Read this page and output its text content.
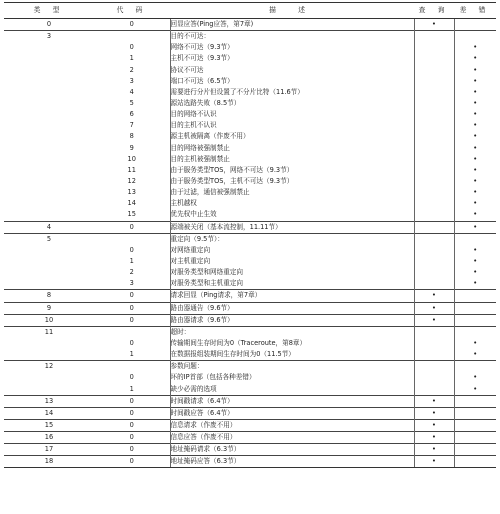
类 型	代 码	描 述	查 询	差 错
0	0	回显应答(Ping应答，第7章)	•	
3		目的不可达：		
	0	网络不可达（9.3节）		•
	1	主机不可达（9.3节）		•
	2	协议不可达		•
	3	端口不可达（6.5节）		•
	4	需要进行分片但设置了不分片比特（11.6节）		•
	5	源站选路失败（8.5节）		•
	6	目的网络不认识		•
	7	目的主机不认识		•
	8	源主机被隔离（作废不用）		•
	9	目的网络被强制禁止		•
	10	目的主机被强制禁止		•
	11	由于服务类型TOS，网络不可达（9.3节）		•
	12	由于服务类型TOS，主机不可达（9.3节）		•
	13	由于过滤，通信被强制禁止		•
	14	主机越权		•
	15	优先权中止生效		•
4	0	源端被关闭（基本流控制，11.11节）		•
5		重定向（9.5节）：		
	0	对网络重定向		•
	1	对主机重定向		•
	2	对服务类型和网络重定向		•
	3	对服务类型和主机重定向		•
8	0	请求回显（Ping请求，第7章）	•	
9	0	路由器通告（9.6节）	•	
10	0	路由器请求（9.6节）	•	
11		超时：		
	0	传输期间生存时间为0（Traceroute，第8章）		•
	1	在数据报组装期间生存时间为0（11.5节）		•
12		参数问题：		
	0	坏的IP首部（包括各种差错）		•
	1	缺少必需的选项		•
13	0	时间戳请求（6.4节）	•	
14	0	时间戳应答（6.4节）	•	
15	0	信息请求（作废不用）	•	
16	0	信息应答（作废不用）	•	
17	0	地址掩码请求（6.3节）	•	
18	0	地址掩码应答（6.3节）	•	
